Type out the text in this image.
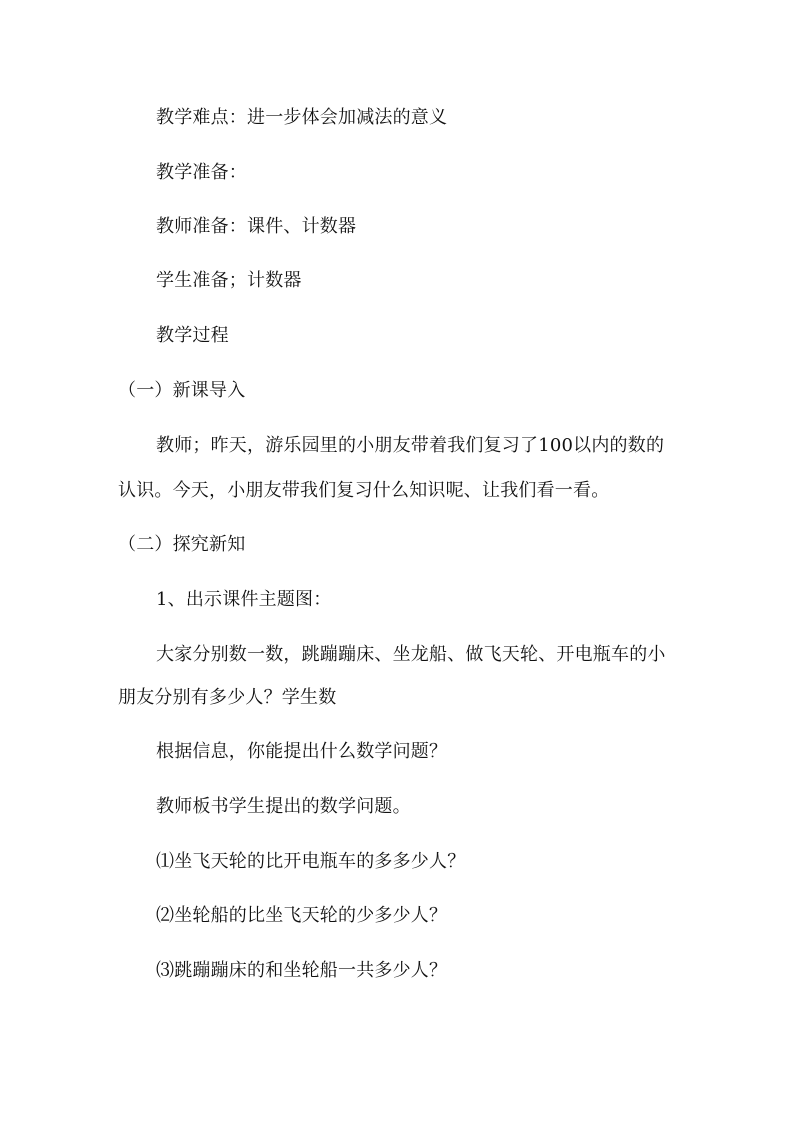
教学难点：进一步体会加减法的意义
教学准备：
教师准备：课件、计数器
学生准备；计数器
教学过程
（一）新课导入
教师；昨天，游乐园里的小朋友带着我们复习了100以内的数的
认识。今天，小朋友带我们复习什么知识呢、让我们看一看。
（二）探究新知
1、出示课件主题图：
大家分别数一数，跳蹦蹦床、坐龙船、做飞天轮、开电瓶车的小
朋友分别有多少人？学生数
根据信息，你能提出什么数学问题？
教师板书学生提出的数学问题。
⑴坐飞天轮的比开电瓶车的多多少人？
⑵坐轮船的比坐飞天轮的少多少人？
⑶跳蹦蹦床的和坐轮船一共多少人？
